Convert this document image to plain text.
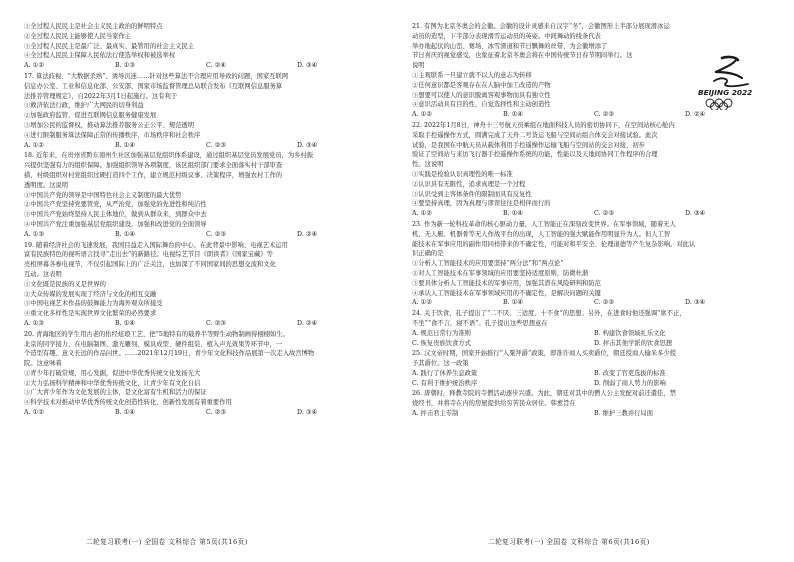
①全过程人民民主是社会主义民主政治的鲜明特点

②全过程人民民主能够使人民当家作主

③全过程人民民主是最广泛、最真实、最管用的社会主义民主

④全过程人民民主保障人民依法行使选举权和被选举权

A. ①②	B. ①③	C. ②④	D. ③④

17. 算法歧视、“大数据杀熟”、诱导沉迷……针对这些算法不合理应用导致的问题，国家互联网

信息办公室、工业和信息化部、公安部、国家市场监督管理总局联合发布《互联网信息服务算

法推荐管理规定》，自2022年3月1日起施行。这有利于

①救济依法行政，维护广大网民的切身利益

②加强政府监管，促进互联网信息服务健康发展

③增加公民的监督权，推动算法推荐服务公正公平、规范透明

④进行限制服务算法保障正常的传播秩序，市场秩序和社会秩序

A. ①②	B. ①④	C. ②③	D. ③④

18. 近年来，在贵州省黔东南州生社区加强基层党组织体系建设，通过组织基层党员发展党员，为乡村振

兴提供坚强有力的组织保障。加强组织领导各项制度，该区组织部门要求全面落实村干部审查

措，村级组织对村党组织过硬打造四个工作，建立规范村级议事、决策程序，增强农村工作的

透明度。这说明

①中国共产党的领导是中国特色社会主义制度的最大优势

②中国共产党坚持党要管党，从严治党，加强党的先进性和纯洁性

③中国共产党始终坚持人民主体地位，做到从群众来，到群众中去

④中国共产党注重加强基层党组织建设，加强和改进党的全面领导

A. ①③	B. ①④	C. ②③	D. ②④

19. 随着经济社会的飞速发展，我国目益走入国际舞台的中心。在此背景中影响、电视艺术运用

富有民族特色的视听语言找寻“走出去”的新路径。电视综艺节目《朗读者》《国家宝藏》等

亮相屏幕各参电视节，不仅引起国际上的广泛关注，也加深了不同国家间的思想交流和文化

互动。这表明

①文化既是民族的又是世界的

②大众传媒的发展实现了经济与文化的相互交融

③中国电视艺术作品的鼓舞能力为海外观众所接受

④重文化多样性是实现世界文化繁荣的必然要求

A. ①③	B. ①④	C. ②③	D. ②④

20. 青海地区的学生用古老的佑经炫琅工艺，把“5地特有的载养半等野生动物制画得栩栩如生。

北京的同学接力，在电脑制图、激光雕刻、模具成型、硬件组装、植入声光效果等环节中，一

个造型有趣、意义长远的作品问世。……2021年12月19日，青少年文化科技作品展第一次走入故宫博物

院。这意味着

①青少年打破常规，用心发掘，促进中华优秀传统文化发扬光大

②大力弘扬科学精神和中华优秀传统文化，让青少年有文化自信

③广大青少年作为文化发展的主体，是文化富有生机和活力的保证

④科学技术对推动中华优秀传统文化创造性转化，创新性发展有着重要作用

A. ①②	B. ①④	C. ②③	D. ③④

21. 有图为北京冬奥会的会徽。会徽的设计灵感来自汉字“冬”，会徽图形上半部分展现滑冰运

动员的造型，下半部分表现滑雪运动员的英姿。中间舞动的线条代表

举办地起伏的山峦、赛场、冰雪滑道和节日飘舞的丝带，为会徽增添了

节日喜庆的视觉感受，也象征着北京冬奥会将在中国传统节日春节期间举行。这

说明

①主观联系一旦建立就不以人的意志为转移

②任何意识都是客观存在在人脑中加工改造的产物

③想要可以使人的意识脱离客观事物而具有独立性

④意识活动具有目的性，自觉选择性和主动创造性

A. ①②	B. ①④	C. ②③	D. ②④

22. 2022年1月8日，神舟十三号航天员乘组在地面科技人员的密切协同下，在空间站核心舱内

采取手控遥操作方式，圆满完成了天舟二号货运飞船与空间站组合体交会对接试验。此次

试验，是我国在中航天员从载体利用手控遥操作运输飞船与空间站的交会对接，初步

验证了空间站与来访飞行器手控遥操作系统的功能，性能以及天地间协同工作程序的合理

性。这说明

①实践是检验认识真理性的唯一标准

②认识具有无限性，追求真理是一个过程

③认识受到主客体条件的限制而具有反复性

④要坚持真理，因为真理与谬误往往是相伴而行的

A. ①②	B. ①④	C. ②③	D. ③④

23. 作为新一轮科技革命的核心驱动力量，人工智能正在深刻改变世界。在军事领域，随着无人

机、无人艇、机器骨等无人作战平台的出现，人工智能的强大赋能作用明显升为人。但人工智

能技术在军事应用的副作用同样带来的不确定性，可能对和平安全、伦理道德等产生复杂影响。对此认

识正确的是

①分析人工智能技术的应用要坚持“两分法”和“两点论”

②对人工智能技术在军事领域的应用要坚持适度原则，防微杜渐

③要具体分析人工智能技术的军事应用，加强其潜在风险研判和防范

④承认人工智能技术在军事领域应用的不确定性，是解决问题的关键

A. ①②	B. ①④	C. ②③	D. ③④

24. 关于饮食，孔子提出了“二不厌、三适度、十不食”的思想；另外，在进食时他还强调“席不正，

不坐”“食不言，寝不语”。孔子提出这些思想意在

A. 规范日常行为准则	B. 构建饮食领域礼乐文化
C. 恢复贵族饮食方式	D. 抨击其他学派的饮食思想

25. 汉文帝时期，国家开始推行“入粟拜爵”政策，即准许商人买卖爵位，朝廷授商人输米多少授

予其爵位。这一政策

A. 践行了休养生息政策	B. 改变了官吏选拔的标准
C. 有利于维护统治秩序	D. 削弱了商人势力的影响

26. 唐朝时，释教寺院的寺僧活动逐步兴盛。为此，朝廷对其中的僧人公主发配对前还遣佳，禁

烧经书，并将寺在内的房屋提供给穷苦民众居住。韩愈旨在

A. 抨击君主专制	B. 维护三教并行局面
BEIJING 2022
二轮复习联考(一) 全国卷 文科综合 第5页(共16页)	二轮复习联考(一) 全国卷 文科综合 第6页(共16页)
